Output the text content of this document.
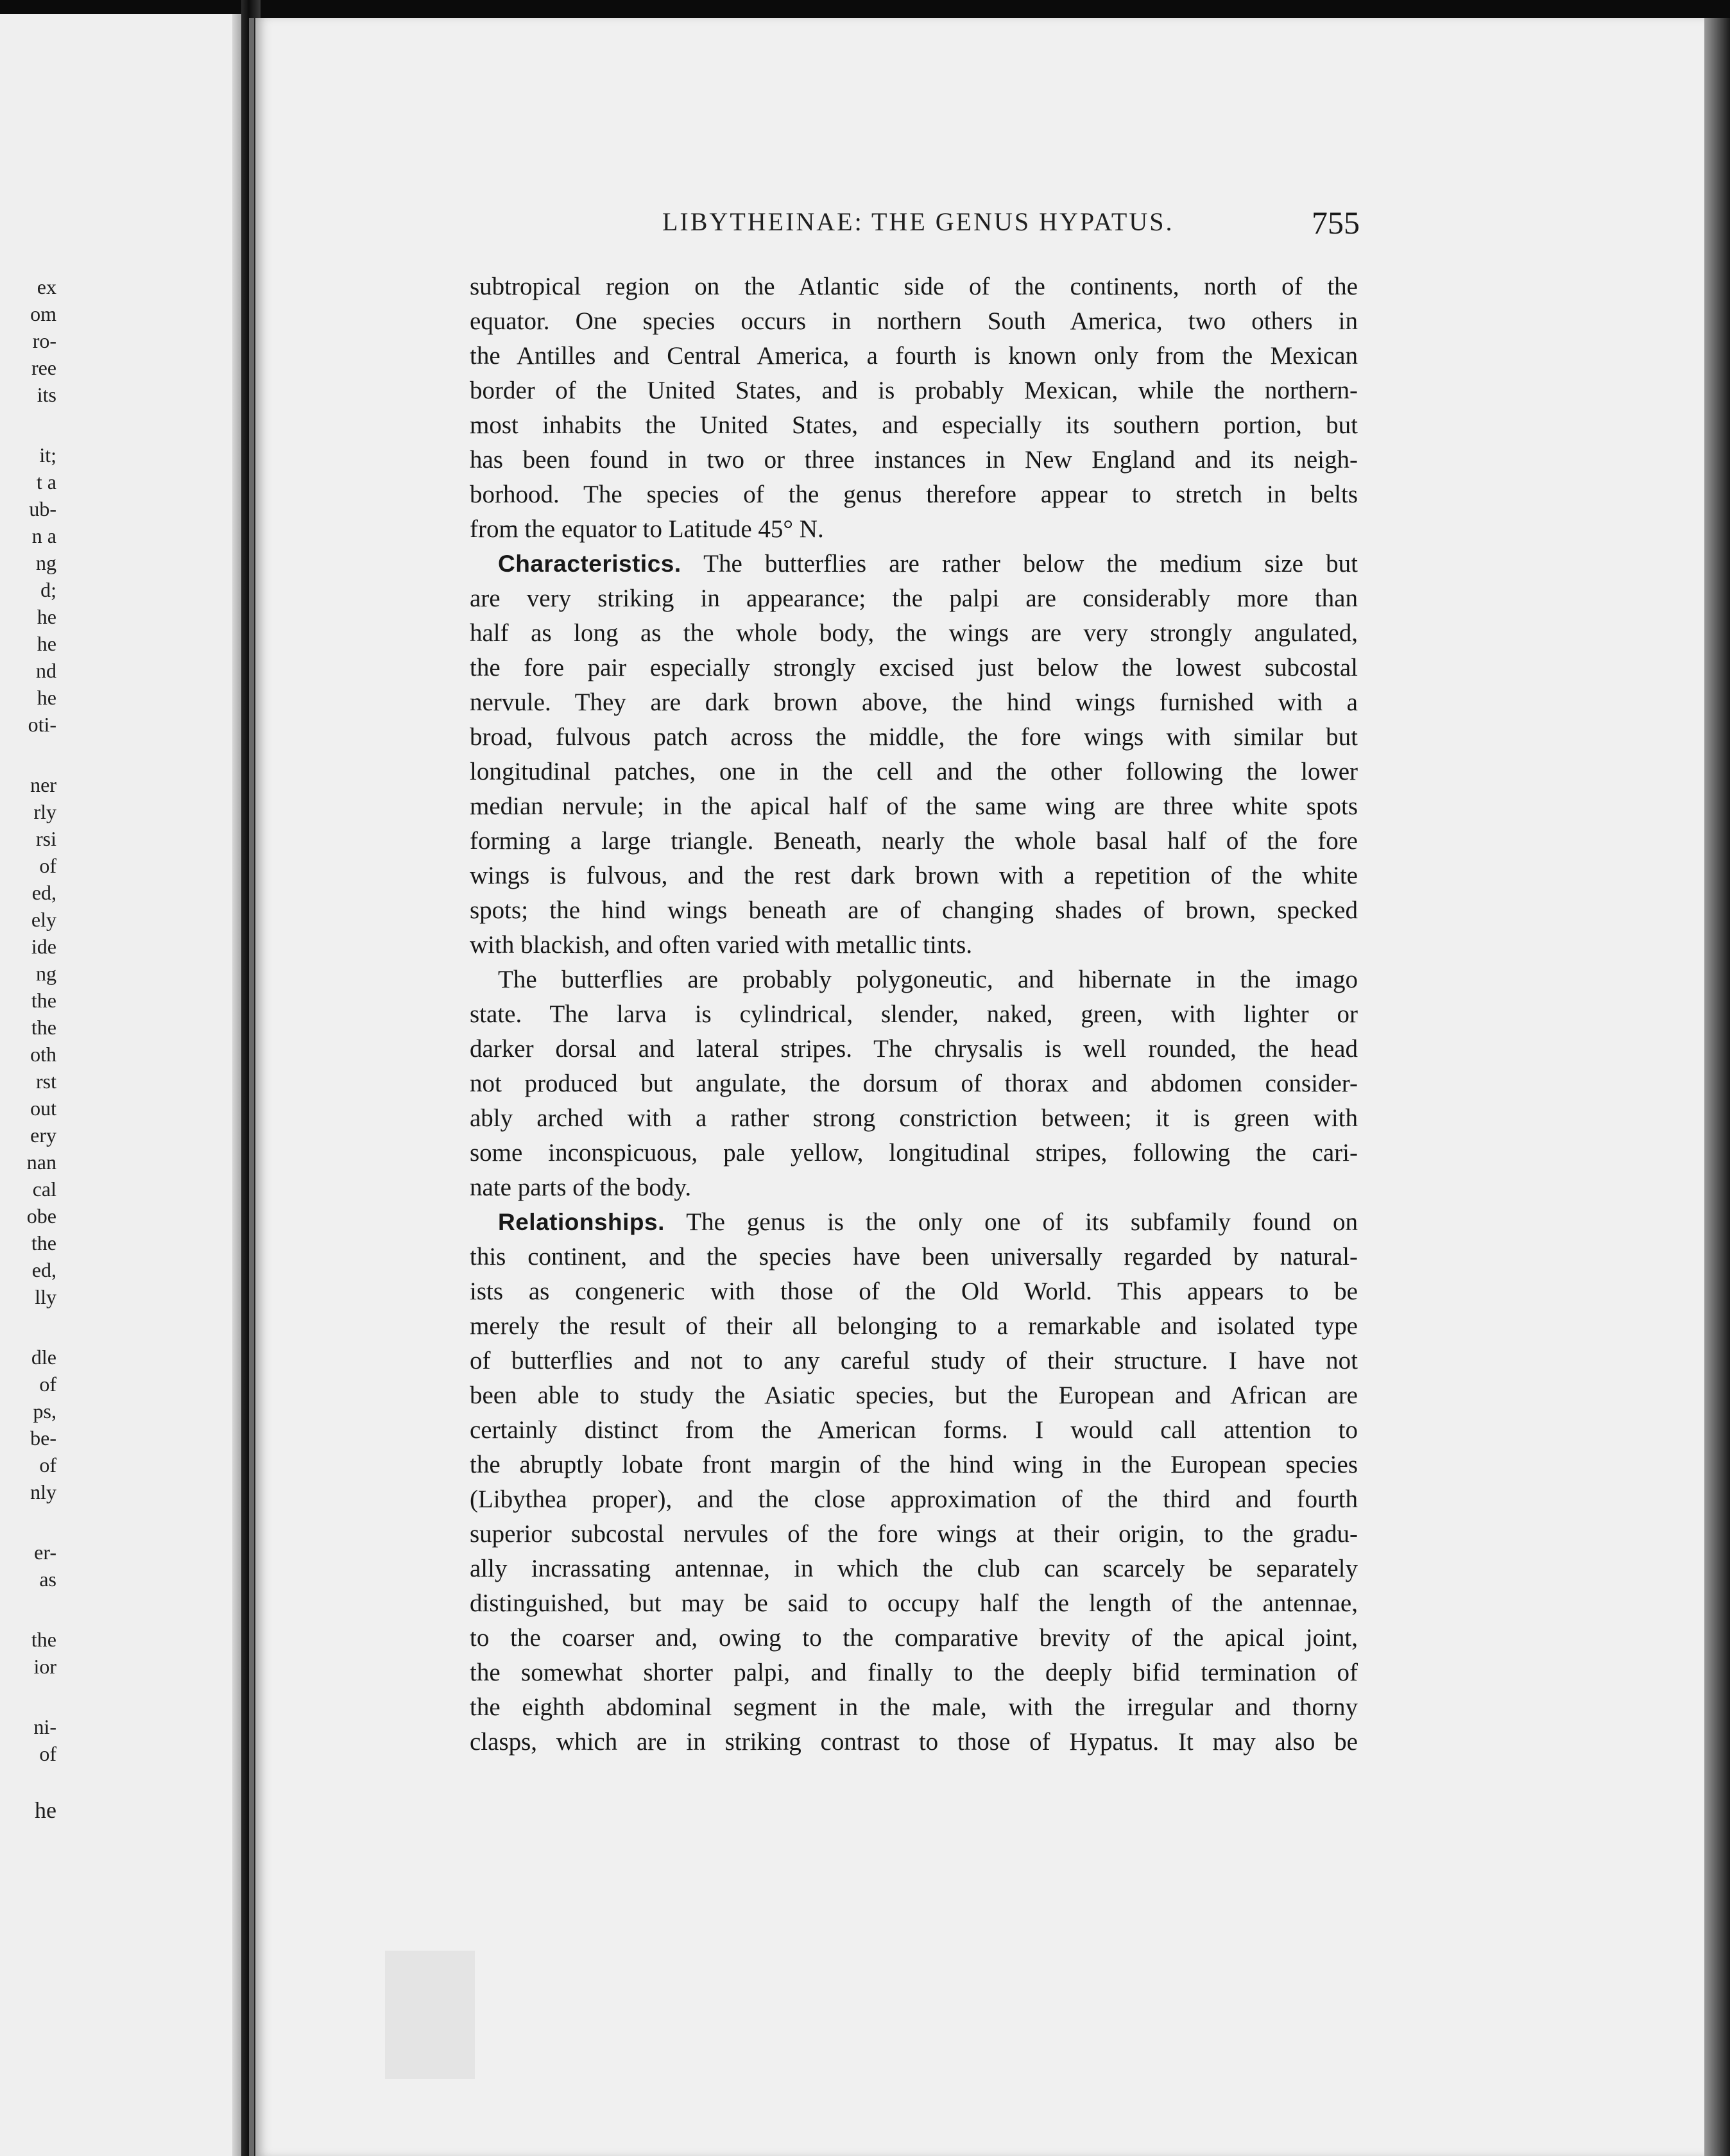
ex
om
ro-
ree
its
it;
t a
ub-
n a
ng
d;
he
he
nd
he
oti-
ner
rly
rsi
of
ed,
ely
ide
ng
the
the
oth
rst
out
ery
nan
cal
obe
the
ed,
lly
dle
of
ps,
be-
of
nly
er-
as
the
ior
ni-
of
he
LIBYTHEINAE: THE GENUS HYPATUS.	755
subtropical region on the Atlantic side of the continents, north of the
equator. One species occurs in northern South America, two others in
the Antilles and Central America, a fourth is known only from the Mexican
border of the United States, and is probably Mexican, while the northern-
most inhabits the United States, and especially its southern portion, but
has been found in two or three instances in New England and its neigh-
borhood. The species of the genus therefore appear to stretch in belts
from the equator to Latitude 45° N.
Characteristics. The butterflies are rather below the medium size but
are very striking in appearance; the palpi are considerably more than
half as long as the whole body, the wings are very strongly angulated,
the fore pair especially strongly excised just below the lowest subcostal
nervule. They are dark brown above, the hind wings furnished with a
broad, fulvous patch across the middle, the fore wings with similar but
longitudinal patches, one in the cell and the other following the lower
median nervule; in the apical half of the same wing are three white spots
forming a large triangle. Beneath, nearly the whole basal half of the fore
wings is fulvous, and the rest dark brown with a repetition of the white
spots; the hind wings beneath are of changing shades of brown, specked
with blackish, and often varied with metallic tints.
The butterflies are probably polygoneutic, and hibernate in the imago
state. The larva is cylindrical, slender, naked, green, with lighter or
darker dorsal and lateral stripes. The chrysalis is well rounded, the head
not produced but angulate, the dorsum of thorax and abdomen consider-
ably arched with a rather strong constriction between; it is green with
some inconspicuous, pale yellow, longitudinal stripes, following the cari-
nate parts of the body.
Relationships. The genus is the only one of its subfamily found on
this continent, and the species have been universally regarded by natural-
ists as congeneric with those of the Old World. This appears to be
merely the result of their all belonging to a remarkable and isolated type
of butterflies and not to any careful study of their structure. I have not
been able to study the Asiatic species, but the European and African are
certainly distinct from the American forms. I would call attention to
the abruptly lobate front margin of the hind wing in the European species
(Libythea proper), and the close approximation of the third and fourth
superior subcostal nervules of the fore wings at their origin, to the gradu-
ally incrassating antennae, in which the club can scarcely be separately
distinguished, but may be said to occupy half the length of the antennae,
to the coarser and, owing to the comparative brevity of the apical joint,
the somewhat shorter palpi, and finally to the deeply bifid termination of
the eighth abdominal segment in the male, with the irregular and thorny
clasps, which are in striking contrast to those of Hypatus. It may also be
